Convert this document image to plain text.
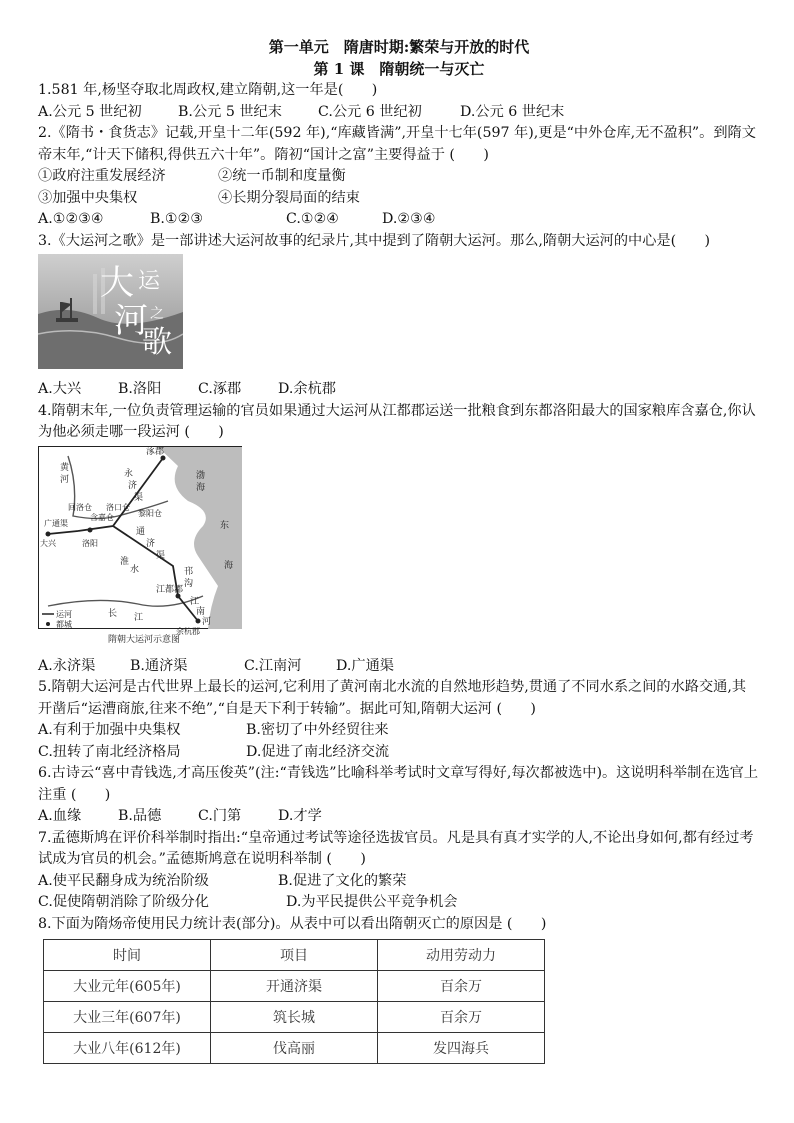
第一单元　隋唐时期:繁荣与开放的时代
第 1 课　隋朝统一与灭亡

1.581 年,杨坚夺取北周政权,建立隋朝,这一年是(　　)

A.公元 5 世纪初	B.公元 5 世纪末	C.公元 6 世纪初	D.公元 6 世纪末

2.《隋书・食货志》记载,开皇十二年(592 年),“库藏皆满”,开皇十七年(597 年),更是“中外仓库,无不盈积”。到隋文帝末年,“计天下储积,得供五六十年”。隋初“国计之富”主要得益于 (　　)

①政府注重发展经济	②统一币制和度量衡
③加强中央集权	④长期分裂局面的结束
A.①②③④	B.①②③	C.①②④	D.②③④

3.《大运河之歌》是一部讲述大运河故事的纪录片,其中提到了隋朝大运河。那么,隋朝大运河的中心是(　　)

大 运
河 之
歌
A.大兴	B.洛阳	C.涿郡	D.余杭郡

4.隋朝末年,一位负责管理运输的官员如果通过大运河从江都郡运送一批粮食到东都洛阳最大的国家粮库含嘉仓,你认为他必须走哪一段运河 (　　)

涿郡
渤
海
东
海
黄
河
永
济
渠
通
济
渠
江都郡
余杭郡
江
南
河
长 江
广通渠
大兴	洛阳
回洛仓 洛口仓
含嘉仓	黎阳仓
淮
水	邗
沟
运河
都城
隋朝大运河示意图
A.永济渠	B.通济渠	C.江南河	D.广通渠

5.隋朝大运河是古代世界上最长的运河,它利用了黄河南北水流的自然地形趋势,贯通了不同水系之间的水路交通,其开凿后“运漕商旅,往来不绝”,“自是天下利于转输”。据此可知,隋朝大运河 (　　)

A.有利于加强中央集权	B.密切了中外经贸往来
C.扭转了南北经济格局	D.促进了南北经济交流

6.古诗云“喜中青钱选,才高压俊英”(注:“青钱选”比喻科举考试时文章写得好,每次都被选中)。这说明科举制在选官上注重 (　　)

A.血缘	B.品德	C.门第	D.才学

7.孟德斯鸠在评价科举制时指出:“皇帝通过考试等途径选拔官员。凡是具有真才实学的人,不论出身如何,都有经过考试成为官员的机会。”孟德斯鸠意在说明科举制 (　　)

A.使平民翻身成为统治阶级	B.促进了文化的繁荣
C.促使隋朝消除了阶级分化	D.为平民提供公平竞争机会

8.下面为隋炀帝使用民力统计表(部分)。从表中可以看出隋朝灭亡的原因是 (　　)

时间	项目	动用劳动力
大业元年(605年)	开通济渠	百余万
大业三年(607年)	筑长城	百余万
大业八年(612年)	伐高丽	发四海兵
